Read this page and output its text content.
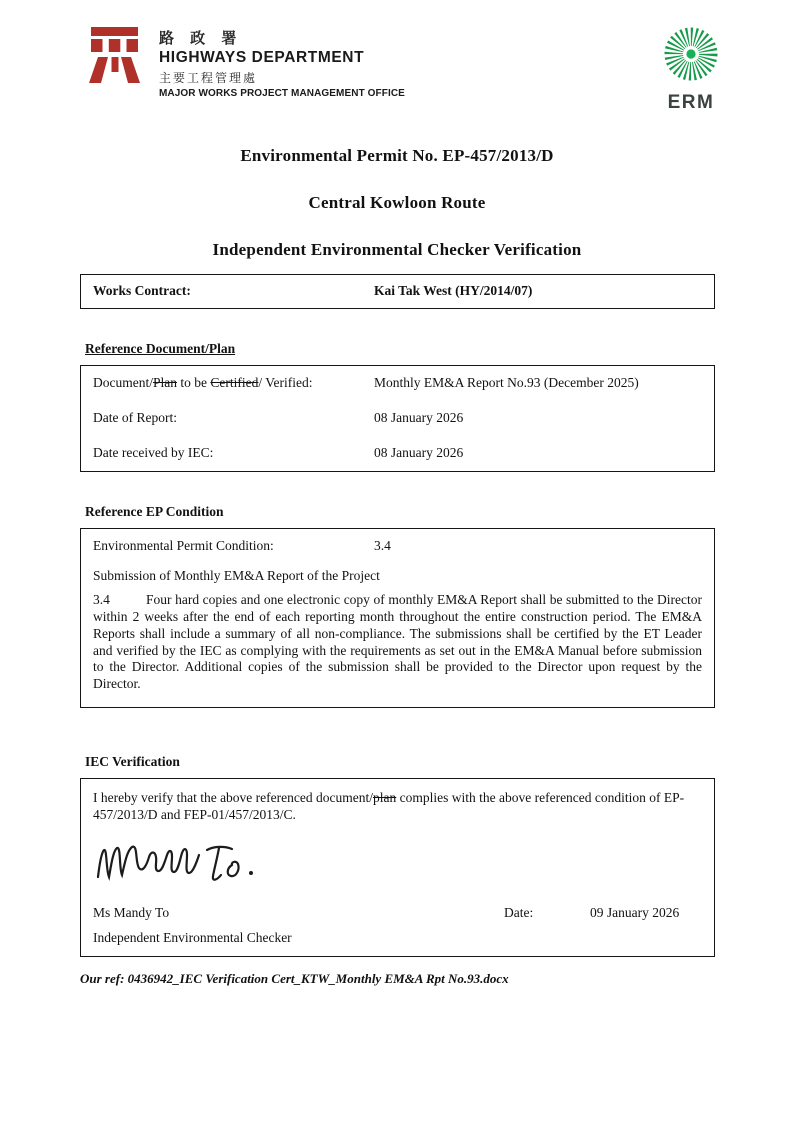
路 政 署
HIGHWAYS DEPARTMENT
主要工程管理處
MAJOR WORKS PROJECT MANAGEMENT OFFICE	ERM
Environmental Permit No. EP-457/2013/D
Central Kowloon Route
Independent Environmental Checker Verification
Works Contract:	Kai Tak West (HY/2014/07)
Reference Document/Plan
Document/Plan to be Certified/ Verified:	Monthly EM&A Report No.93 (December 2025)
Date of Report:	08 January 2026
Date received by IEC:	08 January 2026
Reference EP Condition
Environmental Permit Condition:	3.4
Submission of Monthly EM&A Report of the Project
3.4	Four hard copies and one electronic copy of monthly EM&A Report shall be submitted to the Director within 2 weeks after the end of each reporting month throughout the entire construction period. The EM&A Reports shall include a summary of all non-compliance. The submissions shall be certified by the ET Leader and verified by the IEC as complying with the requirements as set out in the EM&A Manual before submission to the Director. Additional copies of the submission shall be provided to the Director upon request by the Director.
IEC Verification
I hereby verify that the above referenced document/plan complies with the above referenced condition of EP-457/2013/D and FEP-01/457/2013/C.
Ms Mandy To	Date:	09 January 2026
Independent Environmental Checker
Our ref: 0436942_IEC Verification Cert_KTW_Monthly EM&A Rpt No.93.docx
